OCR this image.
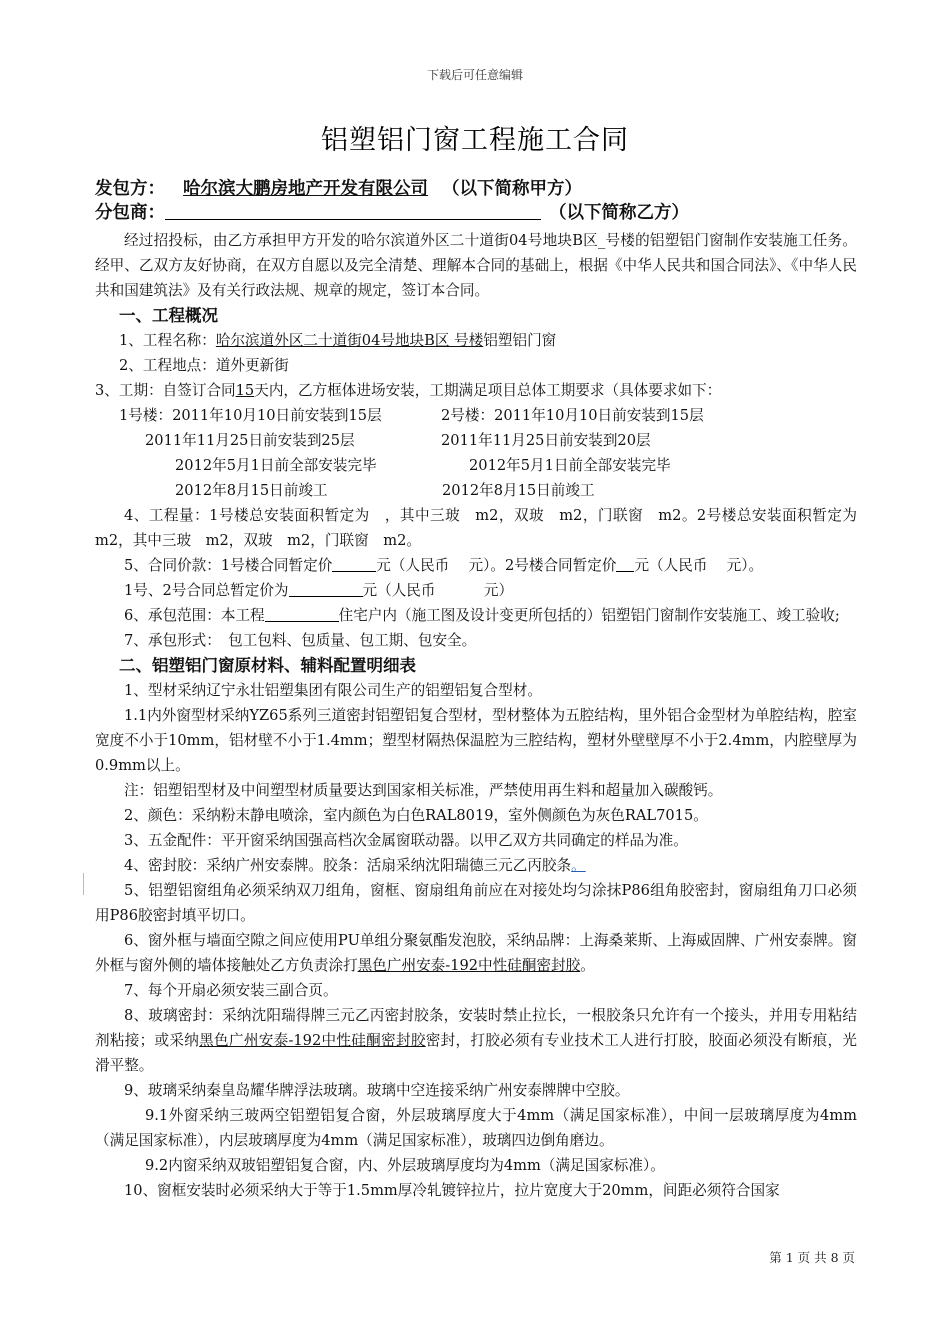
下载后可任意编辑
铝塑铝门窗工程施工合同
发包方： 哈尔滨大鹏房地产开发有限公司 （以下简称甲方）
分包商：	（以下简称乙方）

经过招投标，由乙方承担甲方开发的哈尔滨道外区二十道街04号地块B区_号楼的铝塑铝门窗制作安装施工任务。经甲、乙双方友好协商，在双方自愿以及完全清楚、理解本合同的基础上，根据《中华人民共和国合同法》、《中华人民共和国建筑法》及有关行政法规、规章的规定，签订本合同。

一、工程概况

1、工程名称：哈尔滨道外区二十道街04号地块B区 号楼铝塑铝门窗

2、工程地点：道外更新街

3、工期：自签订合同15天内，乙方框体进场安装，工期满足项目总体工期要求（具体要求如下：

1号楼：2011年10月10日前安装到15层	2号楼：2011年10月10日前安装到15层

2011年11月25日前安装到25层	2011年11月25日前安装到20层

2012年5月1日前全部安装完毕	2012年5月1日前全部安装完毕

2012年8月15日前竣工	2012年8月15日前竣工

4、工程量：1号楼总安装面积暂定为　，其中三玻　m2，双玻　m2，门联窗　m2。2号楼总安装面积暂定为　m2，其中三玻　m2，双玻　m2，门联窗　m2。

5、合同价款：1号楼合同暂定价	元（人民币　 元）。2号楼合同暂定价 元（人民币　 元）。

1号、2号合同总暂定价为	元（人民币　　　 元）

6、承包范围：本工程	住宅户内（施工图及设计变更所包括的）铝塑铝门窗制作安装施工、竣工验收;

7、承包形式：　包工包料、包质量、包工期、包安全。

二、铝塑铝门窗原材料、辅料配置明细表

1、型材采纳辽宁永壮铝塑集团有限公司生产的铝塑铝复合型材。

1.1内外窗型材采纳YZ65系列三道密封铝塑铝复合型材，型材整体为五腔结构，里外铝合金型材为单腔结构，腔室宽度不小于10mm，铝材壁不小于1.4mm；塑型材隔热保温腔为三腔结构，塑材外壁壁厚不小于2.4mm，内腔壁厚为0.9mm以上。

注：铝塑铝型材及中间塑型材质量要达到国家相关标准，严禁使用再生料和超量加入碳酸钙。

2、颜色：采纳粉末静电喷涂，室内颜色为白色RAL8019，室外侧颜色为灰色RAL7015。

3、五金配件：平开窗采纳国强高档次金属窗联动器。以甲乙双方共同确定的样品为准。

4、密封胶：采纳广州安泰牌。胶条：活扇采纳沈阳瑞德三元乙丙胶条。

5、铝塑铝窗组角必须采纳双刀组角，窗框、窗扇组角前应在对接处均匀涂抹P86组角胶密封，窗扇组角刀口必须用P86胶密封填平切口。

6、窗外框与墙面空隙之间应使用PU单组分聚氨酯发泡胶，采纳品牌：上海桑莱斯、上海威固牌、广州安泰牌。窗外框与窗外侧的墙体接触处乙方负责涂打黑色广州安泰-192中性硅酮密封胶。

7、每个开扇必须安装三副合页。

8、玻璃密封：采纳沈阳瑞得牌三元乙丙密封胶条，安装时禁止拉长，一根胶条只允许有一个接头，并用专用粘结剂粘接；或采纳黑色广州安泰-192中性硅酮密封胶密封，打胶必须有专业技术工人进行打胶，胶面必须没有断痕，光滑平整。

9、玻璃采纳秦皇岛耀华牌浮法玻璃。玻璃中空连接采纳广州安泰牌牌中空胶。

9.1外窗采纳三玻两空铝塑铝复合窗，外层玻璃厚度大于4mm（满足国家标准），中间一层玻璃厚度为4mm（满足国家标准），内层玻璃厚度为4mm（满足国家标准），玻璃四边倒角磨边。

9.2内窗采纳双玻铝塑铝复合窗，内、外层玻璃厚度均为4mm（满足国家标准）。

10、窗框安装时必须采纳大于等于1.5mm厚冷轧镀锌拉片，拉片宽度大于20mm，间距必须符合国家

第 1 页 共 8 页
